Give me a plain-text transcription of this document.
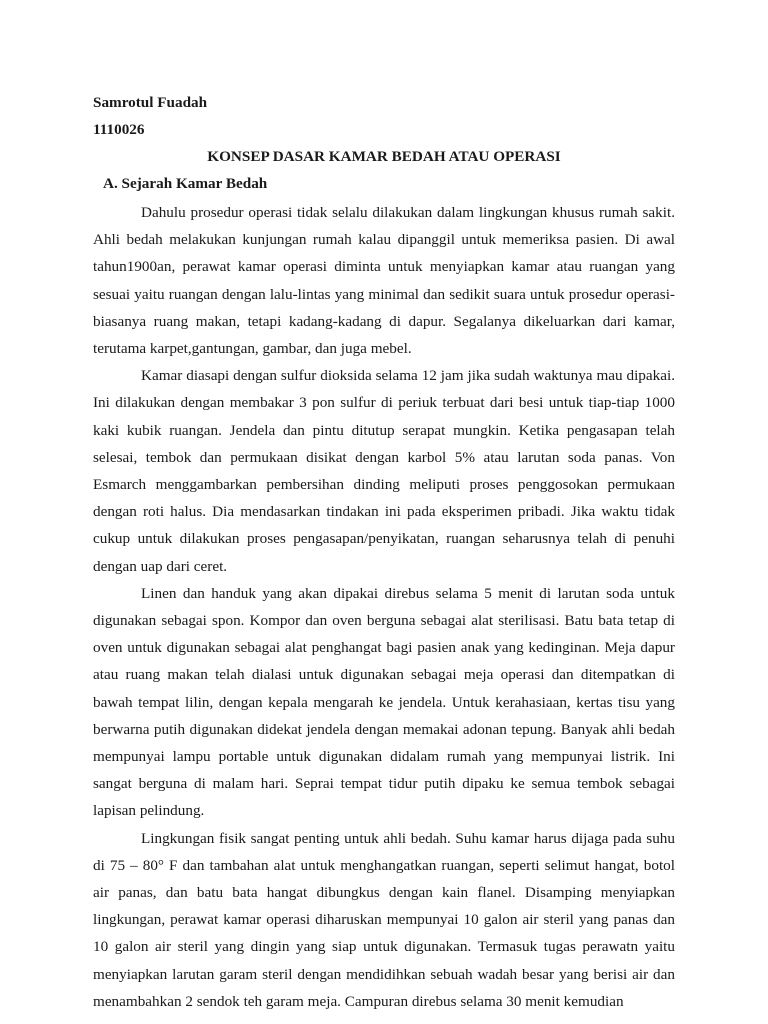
Samrotul Fuadah
1110026
KONSEP DASAR KAMAR BEDAH ATAU OPERASI
A. Sejarah Kamar Bedah

Dahulu prosedur operasi tidak selalu dilakukan dalam lingkungan khusus rumah sakit. Ahli bedah melakukan kunjungan rumah kalau dipanggil untuk memeriksa pasien. Di awal tahun1900an, perawat kamar operasi diminta untuk menyiapkan kamar atau ruangan yang sesuai yaitu ruangan dengan lalu-lintas yang minimal dan sedikit suara untuk prosedur operasi-biasanya ruang makan, tetapi kadang-kadang di dapur. Segalanya dikeluarkan dari kamar, terutama karpet,gantungan, gambar, dan juga mebel.

Kamar diasapi dengan sulfur dioksida selama 12 jam jika sudah waktunya mau dipakai. Ini dilakukan dengan membakar 3 pon sulfur di periuk terbuat dari besi untuk tiap-tiap 1000 kaki kubik ruangan. Jendela dan pintu ditutup serapat mungkin. Ketika pengasapan telah selesai, tembok dan permukaan disikat dengan karbol 5% atau larutan soda panas. Von Esmarch menggambarkan pembersihan dinding meliputi proses penggosokan permukaan dengan roti halus. Dia mendasarkan tindakan ini pada eksperimen pribadi. Jika waktu tidak cukup untuk dilakukan proses pengasapan/penyikatan, ruangan seharusnya telah di penuhi dengan uap dari ceret.

Linen dan handuk yang akan dipakai direbus selama 5 menit di larutan soda untuk digunakan sebagai spon. Kompor dan oven berguna sebagai alat sterilisasi. Batu bata tetap di oven untuk digunakan sebagai alat penghangat bagi pasien anak yang kedinginan. Meja dapur atau ruang makan telah dialasi untuk digunakan sebagai meja operasi dan ditempatkan di bawah tempat lilin, dengan kepala mengarah ke jendela. Untuk kerahasiaan, kertas tisu yang berwarna putih digunakan didekat jendela dengan memakai adonan tepung. Banyak ahli bedah mempunyai lampu portable untuk digunakan didalam rumah yang mempunyai listrik. Ini sangat berguna di malam hari. Seprai tempat tidur putih dipaku ke semua tembok sebagai lapisan pelindung.

Lingkungan fisik sangat penting untuk ahli bedah. Suhu kamar harus dijaga pada suhu di 75 – 80° F dan tambahan alat untuk menghangatkan ruangan, seperti selimut hangat, botol air panas, dan batu bata hangat dibungkus dengan kain flanel. Disamping menyiapkan lingkungan, perawat kamar operasi diharuskan mempunyai 10 galon air steril yang panas dan 10 galon air steril yang dingin yang siap untuk digunakan. Termasuk tugas perawatn yaitu menyiapkan larutan garam steril dengan mendidihkan sebuah wadah besar yang berisi air dan menambahkan 2 sendok teh garam meja. Campuran direbus selama 30 menit kemudian
